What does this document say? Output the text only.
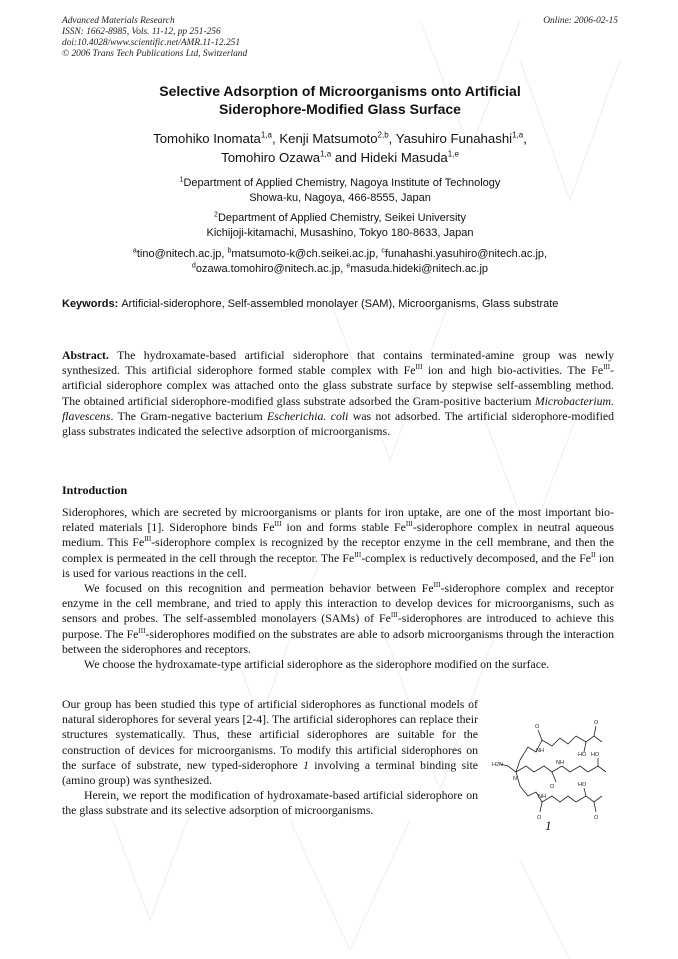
Advanced Materials Research
ISSN: 1662-8985, Vols. 11-12, pp 251-256
doi:10.4028/www.scientific.net/AMR.11-12.251
© 2006 Trans Tech Publications Ltd, Switzerland
Online: 2006-02-15
Selective Adsorption of Microorganisms onto Artificial
Siderophore-Modified Glass Surface
Tomohiko Inomata$^{1,a}$, Kenji Matsumoto$^{2,b}$, Yasuhiro Funahashi$^{1,a}$,
Tomohiro Ozawa$^{1,a}$ and Hideki Masuda$^{1,e}$
$^1$Department of Applied Chemistry, Nagoya Institute of Technology
Showa-ku, Nagoya, 466-8555, Japan
$^2$Department of Applied Chemistry, Seikei University
Kichijoji-kitamachi, Musashino, Tokyo 180-8633, Japan
$^a$tino@nitech.ac.jp, $^b$matsumoto-k@ch.seikei.ac.jp, $^c$funahashi.yasuhiro@nitech.ac.jp,
$^d$ozawa.tomohiro@nitech.ac.jp, $^e$masuda.hideki@nitech.ac.jp
Keywords: Artificial-siderophore, Self-assembled monolayer (SAM), Microorganisms, Glass substrate
Abstract. The hydroxamate-based artificial siderophore that contains terminated-amine group was newly synthesized. This artificial siderophore formed stable complex with $Fe^{III}$ ion and high bio-activities. The $Fe^{III}$-artificial siderophore complex was attached onto the glass substrate surface by stepwise self-assembling method. The obtained artificial siderophore-modified glass substrate adsorbed the Gram-positive bacterium Microbacterium. flavescens. The Gram-negative bacterium Escherichia. coli was not adsorbed. The artificial siderophore-modified glass substrates indicated the selective adsorption of microorganisms.
Introduction

Siderophores, which are secreted by microorganisms or plants for iron uptake, are one of the most important bio-related materials [1]. Siderophore binds $Fe^{III}$ ion and forms stable $Fe^{III}$-siderophore complex in neutral aqueous medium. This $Fe^{III}$-siderophore complex is recognized by the receptor enzyme in the cell membrane, and then the complex is permeated in the cell through the receptor. The $Fe^{III}$-complex is reductively decomposed, and the $Fe^{II}$ ion is used for various reactions in the cell.

We focused on this recognition and permeation behavior between $Fe^{III}$-siderophore complex and receptor enzyme in the cell membrane, and tried to apply this interaction to develop devices for microorganisms, such as sensors and probes. The self-assembled monolayers (SAMs) of $Fe^{III}$-siderophores are introduced to achieve this purpose. The $Fe^{III}$-siderophores modified on the substrates are able to adsorb microorganisms through the interaction between the siderophores and receptors.

We choose the hydroxamate-type artificial siderophore as the siderophore modified on the surface.

Our group has been studied this type of artificial siderophores as functional models of natural siderophores for several years [2-4]. The artificial siderophores can replace their structures systematically. Thus, these artificial siderophores are suitable for the construction of devices for microorganisms. To modify this artificial siderophores on the surface of substrate, new typed-siderophore 1 involving a terminal binding site (amino group) was synthesized.

Herein, we report the modification of hydroxamate-based artificial siderophore on the glass substrate and its selective adsorption of microorganisms.

O
NH
HO
O
H2N
N
O
NH
HO
NH
O
HO
O
1
